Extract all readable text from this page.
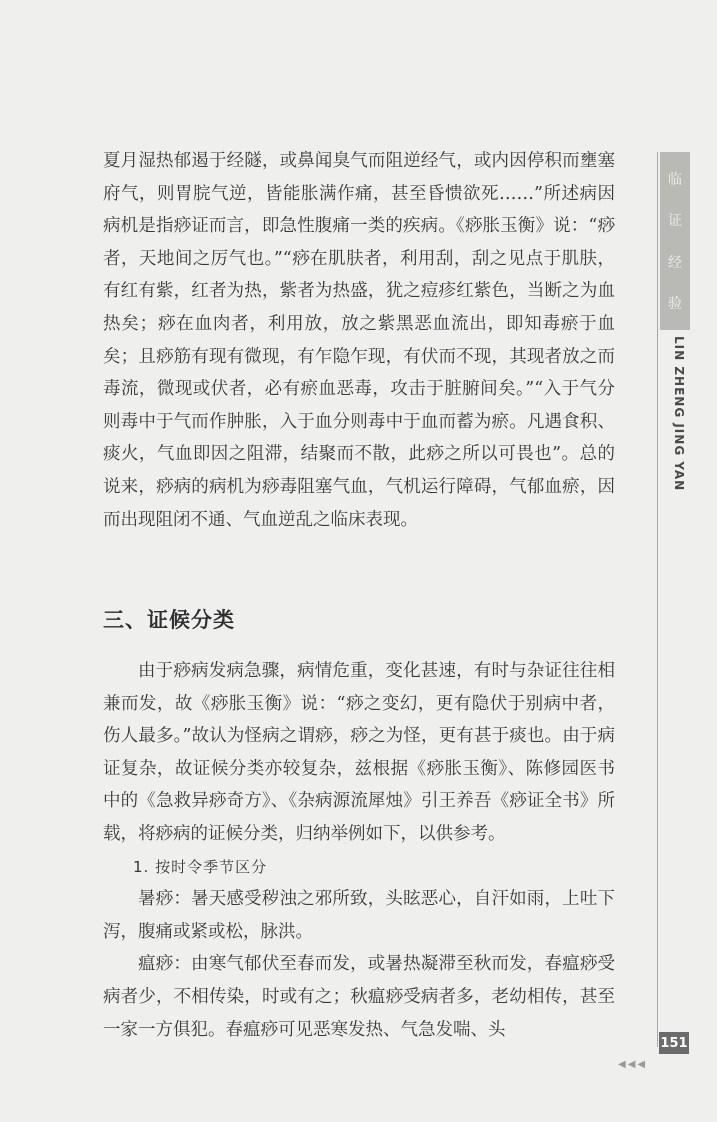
夏月湿热郁遏于经隧，或鼻闻臭气而阻逆经气，或内因停积而壅塞府气，则胃脘气逆，皆能胀满作痛，甚至昏愦欲死……”所述病因病机是指痧证而言，即急性腹痛一类的疾病。《痧胀玉衡》说：“痧者，天地间之厉气也。”“痧在肌肤者，利用刮，刮之见点于肌肤，有红有紫，红者为热，紫者为热盛，犹之痘疹红紫色，当断之为血热矣；痧在血肉者，利用放，放之紫黑恶血流出，即知毒瘀于血矣；且痧筋有现有微现，有乍隐乍现，有伏而不现，其现者放之而毒流，微现或伏者，必有瘀血恶毒，攻击于脏腑间矣。”“入于气分则毒中于气而作肿胀，入于血分则毒中于血而蓄为瘀。凡遇食积、痰火，气血即因之阻滞，结聚而不散，此痧之所以可畏也”。总的说来，痧病的病机为痧毒阻塞气血，气机运行障碍，气郁血瘀，因而出现阻闭不通、气血逆乱之临床表现。

三、证候分类

由于痧病发病急骤，病情危重，变化甚速，有时与杂证往往相兼而发，故《痧胀玉衡》说：“痧之变幻，更有隐伏于别病中者，伤人最多。”故认为怪病之谓痧，痧之为怪，更有甚于痰也。由于病证复杂，故证候分类亦较复杂，兹根据《痧胀玉衡》、陈修园医书中的《急救异痧奇方》、《杂病源流犀烛》引王养吾《痧证全书》所载，将痧病的证候分类，归纳举例如下，以供参考。

1. 按时令季节区分

暑痧：暑天感受秽浊之邪所致，头眩恶心，自汗如雨，上吐下泻，腹痛或紧或松，脉洪。

瘟痧：由寒气郁伏至春而发，或暑热凝滞至秋而发，春瘟痧受病者少，不相传染，时或有之；秋瘟痧受病者多，老幼相传，甚至一家一方俱犯。春瘟痧可见恶寒发热、气急发喘、头

临
证
经
验
LIN ZHENG JING YAN
151
◀◀◀
